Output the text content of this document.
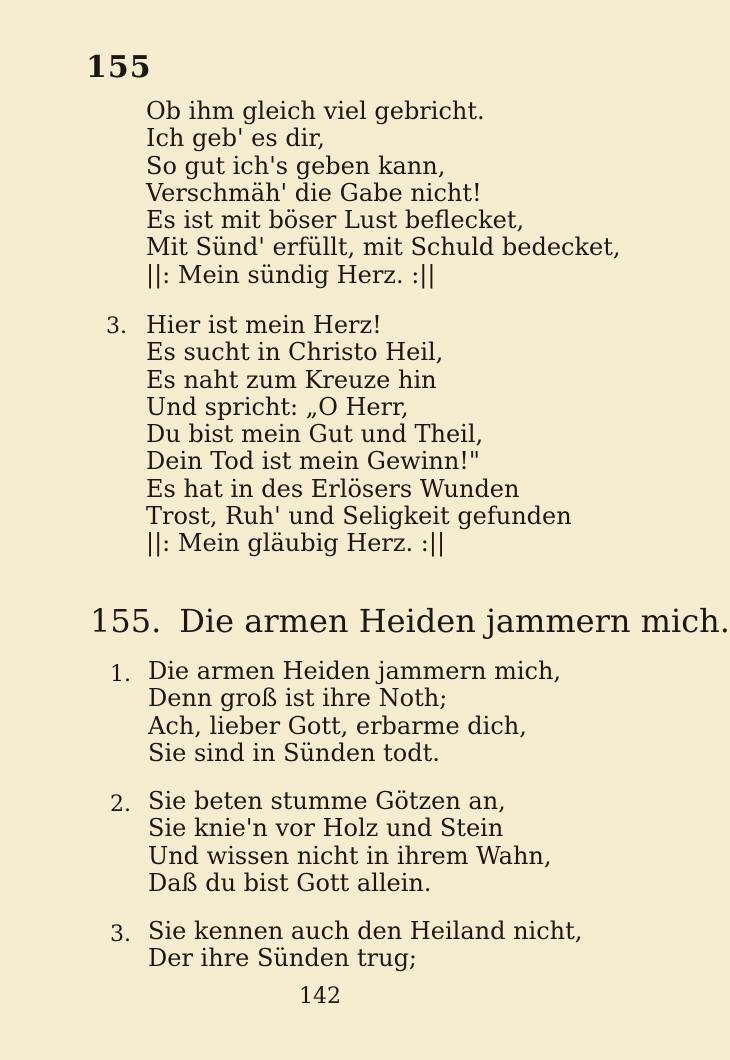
155
Ob ihm gleich viel gebricht.
Ich geb' es dir,
So gut ich's geben kann,
Verschmäh' die Gabe nicht!
Es ist mit böser Lust beflecket,
Mit Sünd' erfüllt, mit Schuld bedecket,
||: Mein sündig Herz. :||
3. Hier ist mein Herz!
Es sucht in Christo Heil,
Es naht zum Kreuze hin
Und spricht: „O Herr,
Du bist mein Gut und Theil,
Dein Tod ist mein Gewinn!"
Es hat in des Erlösers Wunden
Trost, Ruh' und Seligkeit gefunden
||: Mein gläubig Herz. :||
155. Die armen Heiden jammern mich.
1. Die armen Heiden jammern mich,
Denn groß ist ihre Noth;
Ach, lieber Gott, erbarme dich,
Sie sind in Sünden todt.
2. Sie beten stumme Götzen an,
Sie knie'n vor Holz und Stein
Und wissen nicht in ihrem Wahn,
Daß du bist Gott allein.
3. Sie kennen auch den Heiland nicht,
Der ihre Sünden trug;
142
